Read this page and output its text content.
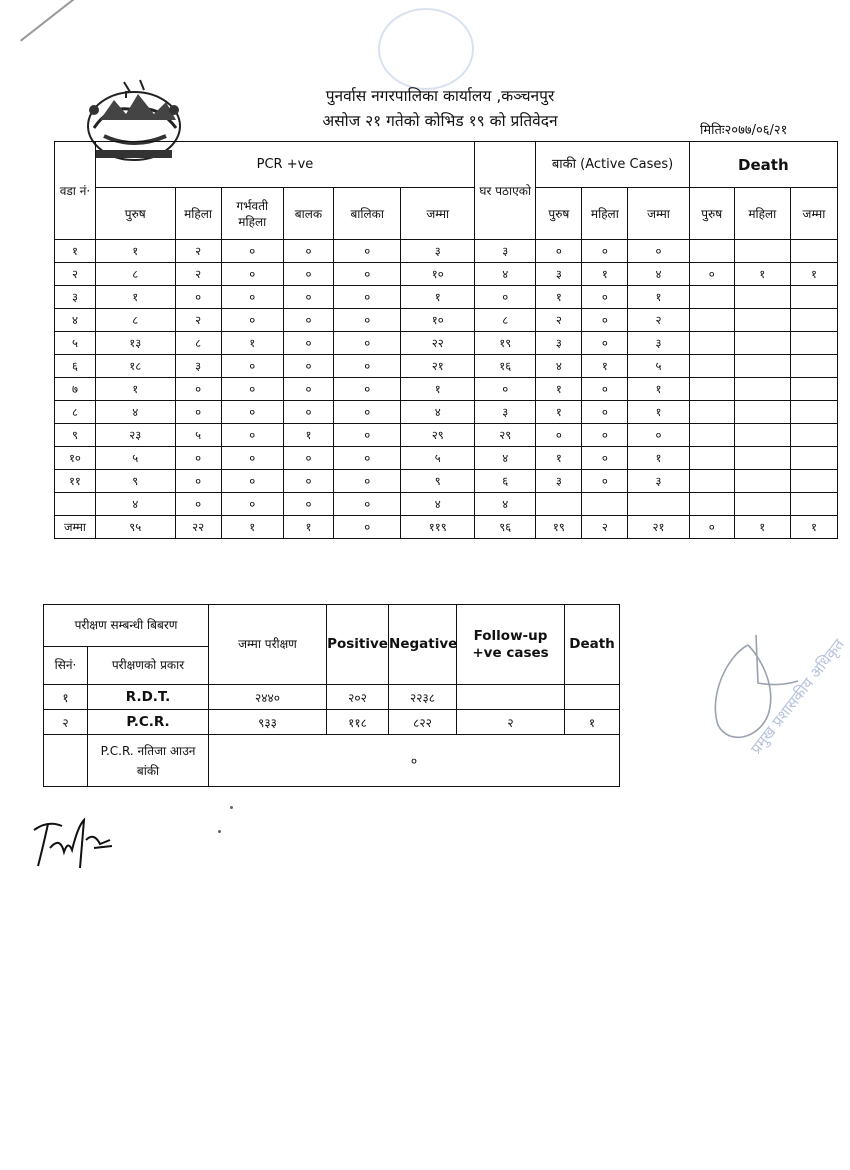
पुनर्वास नगरपालिका कार्यालय ,कञ्चनपुर
असोज २१ गतेको कोभिड १९ को प्रतिवेदन
मितिः२०७७/०६/२१
वडा नं·	PCR +ve						घर पठाएको	बाकी (Active Cases)			Death		
	पुरुष	महिला	गर्भवती महिला	बालक	बालिका	जम्मा		पुरुष	महिला	जम्मा	पुरुष	महिला	जम्मा
१	१	२	०	०	०	३	३	०	०	०			
२	८	२	०	०	०	१०	४	३	१	४	०	१	१
३	१	०	०	०	०	१	०	१	०	१			
४	८	२	०	०	०	१०	८	२	०	२			
५	१३	८	१	०	०	२२	१९	३	०	३			
६	१८	३	०	०	०	२१	१६	४	१	५			
७	१	०	०	०	०	१	०	१	०	१			
८	४	०	०	०	०	४	३	१	०	१			
९	२३	५	०	१	०	२९	२९	०	०	०			
१०	५	०	०	०	०	५	४	१	०	१			
११	९	०	०	०	०	९	६	३	०	३			
	४	०	०	०	०	४	४						
जम्मा	९५	२२	१	१	०	११९	९६	१९	२	२१	०	१	१
परीक्षण सम्बन्धी बिबरण		जम्मा परीक्षण	Positive	Negative	Follow-up +ve cases	Death
सिनं·	परीक्षणको प्रकार					
१	R.D.T.	२४४०	२०२	२२३८		
२	P.C.R.	९३३	११८	८२२	२	१
	P.C.R. नतिजा आउन बांकी	०				
प्रमुख प्रशासकीय अधिकृत
